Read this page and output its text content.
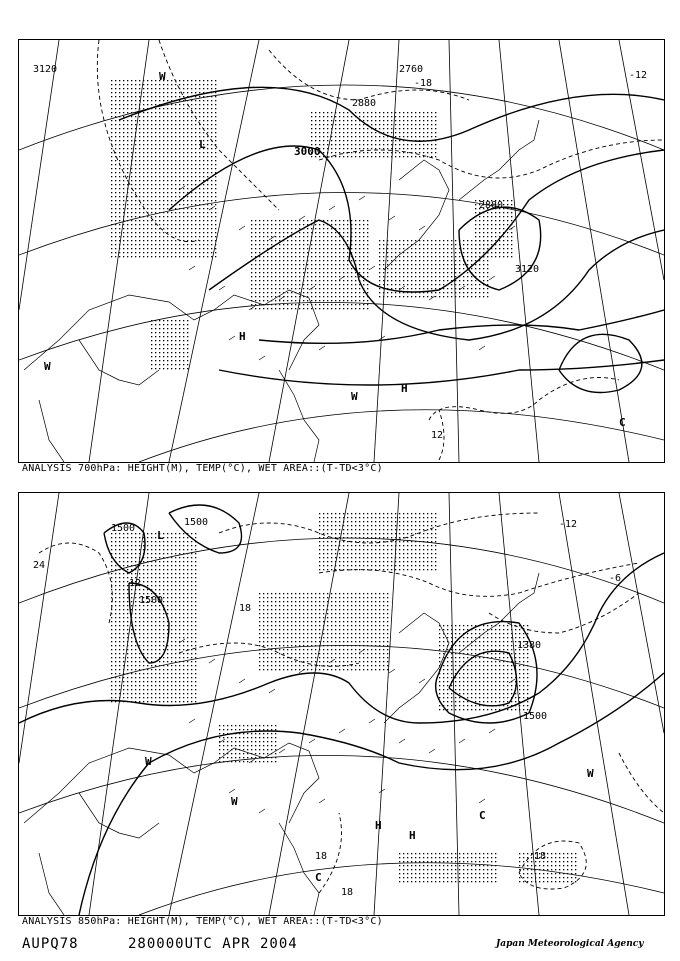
3120	2760
2880
3000
2880
3120
-18
-12
12
W
L
W
H
W
H
C
ANALYSIS 700hPa: HEIGHT(M), TEMP(°C), WET AREA::(T-TD<3°C)
1500
1500
1500
1380
1500
24
-12
12	-6
18
18	18
18
L
W
W
H
C
C
H
W
ANALYSIS 850hPa: HEIGHT(M), TEMP(°C), WET AREA::(T-TD<3°C)
AUPQ78	280000UTC APR 2004	Japan Meteorological Agency
